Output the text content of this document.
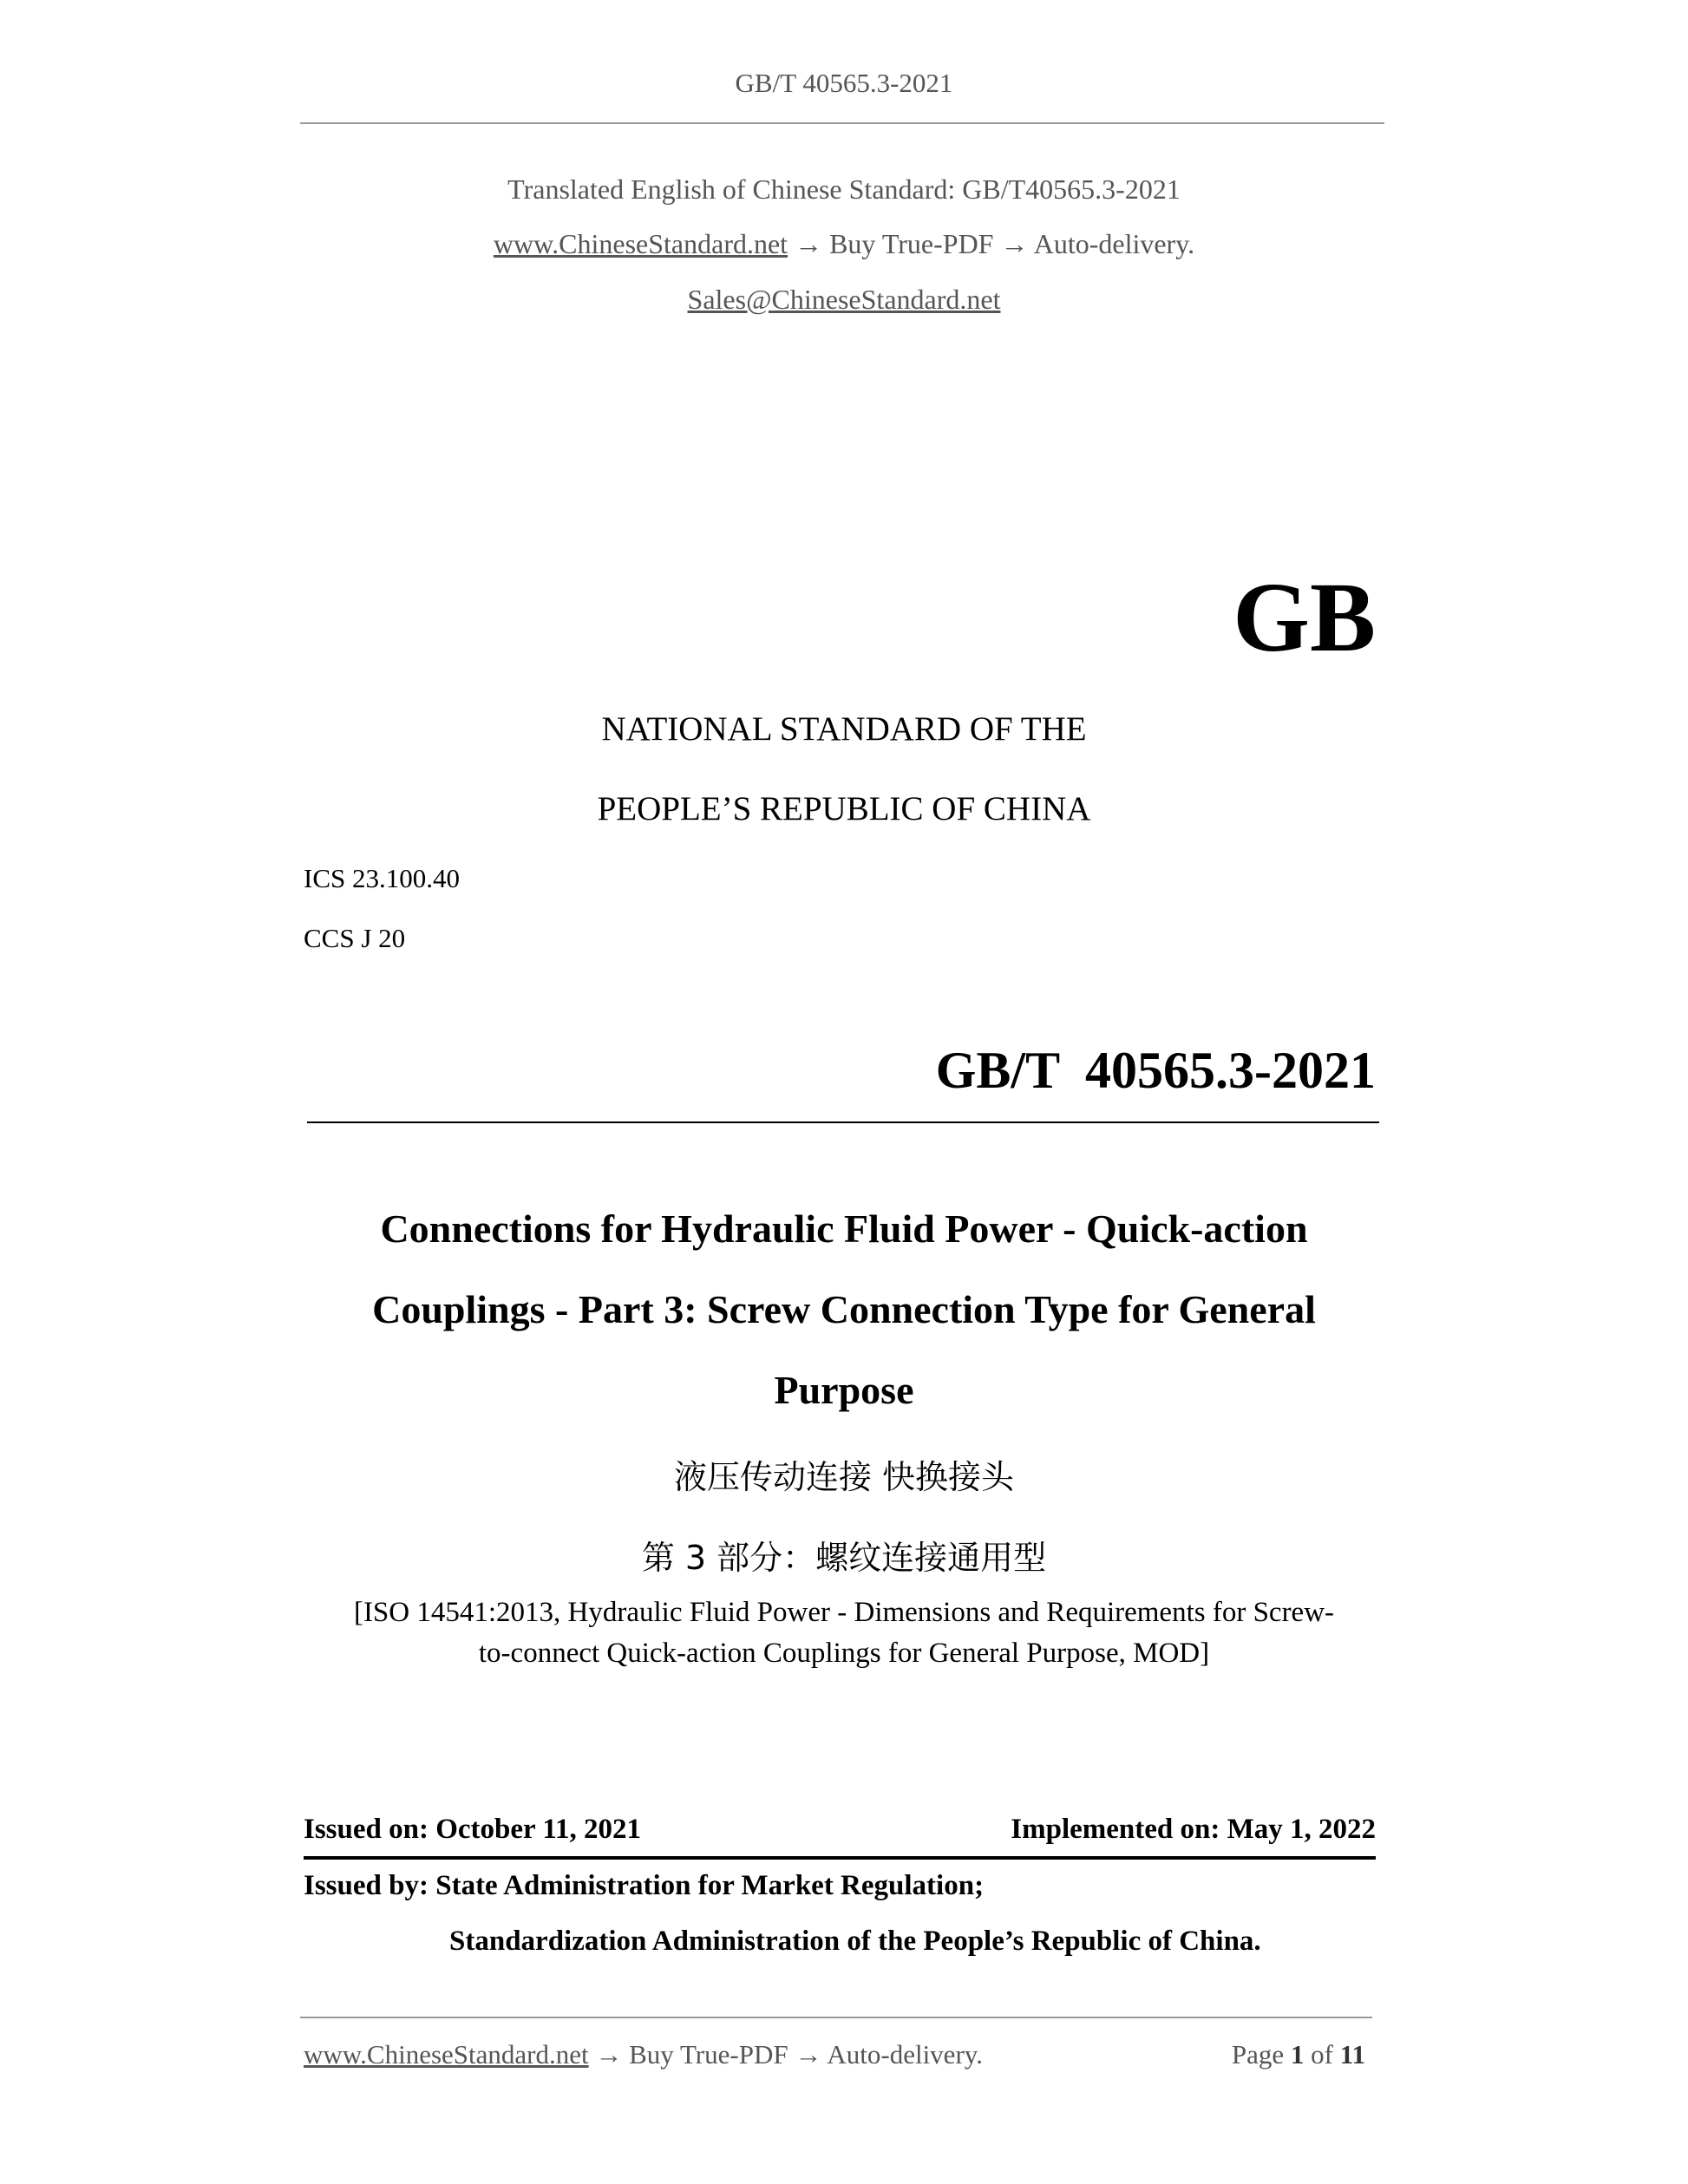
GB/T 40565.3-2021
Translated English of Chinese Standard: GB/T40565.3-2021
www.ChineseStandard.net → Buy True-PDF → Auto-delivery.
Sales@ChineseStandard.net
GB
NATIONAL STANDARD OF THE
PEOPLE’S REPUBLIC OF CHINA
ICS 23.100.40
CCS J 20
GB/T  40565.3-2021
Connections for Hydraulic Fluid Power - Quick-action
Couplings - Part 3: Screw Connection Type for General
Purpose
液压传动连接 快换接头
第 3 部分：螺纹连接通用型
[ISO 14541:2013, Hydraulic Fluid Power - Dimensions and Requirements for Screw-
to-connect Quick-action Couplings for General Purpose, MOD]
Issued on: October 11, 2021	Implemented on: May 1, 2022
Issued by: State Administration for Market Regulation;
Standardization Administration of the People’s Republic of China.
www.ChineseStandard.net → Buy True-PDF → Auto-delivery.	Page 1 of 11
